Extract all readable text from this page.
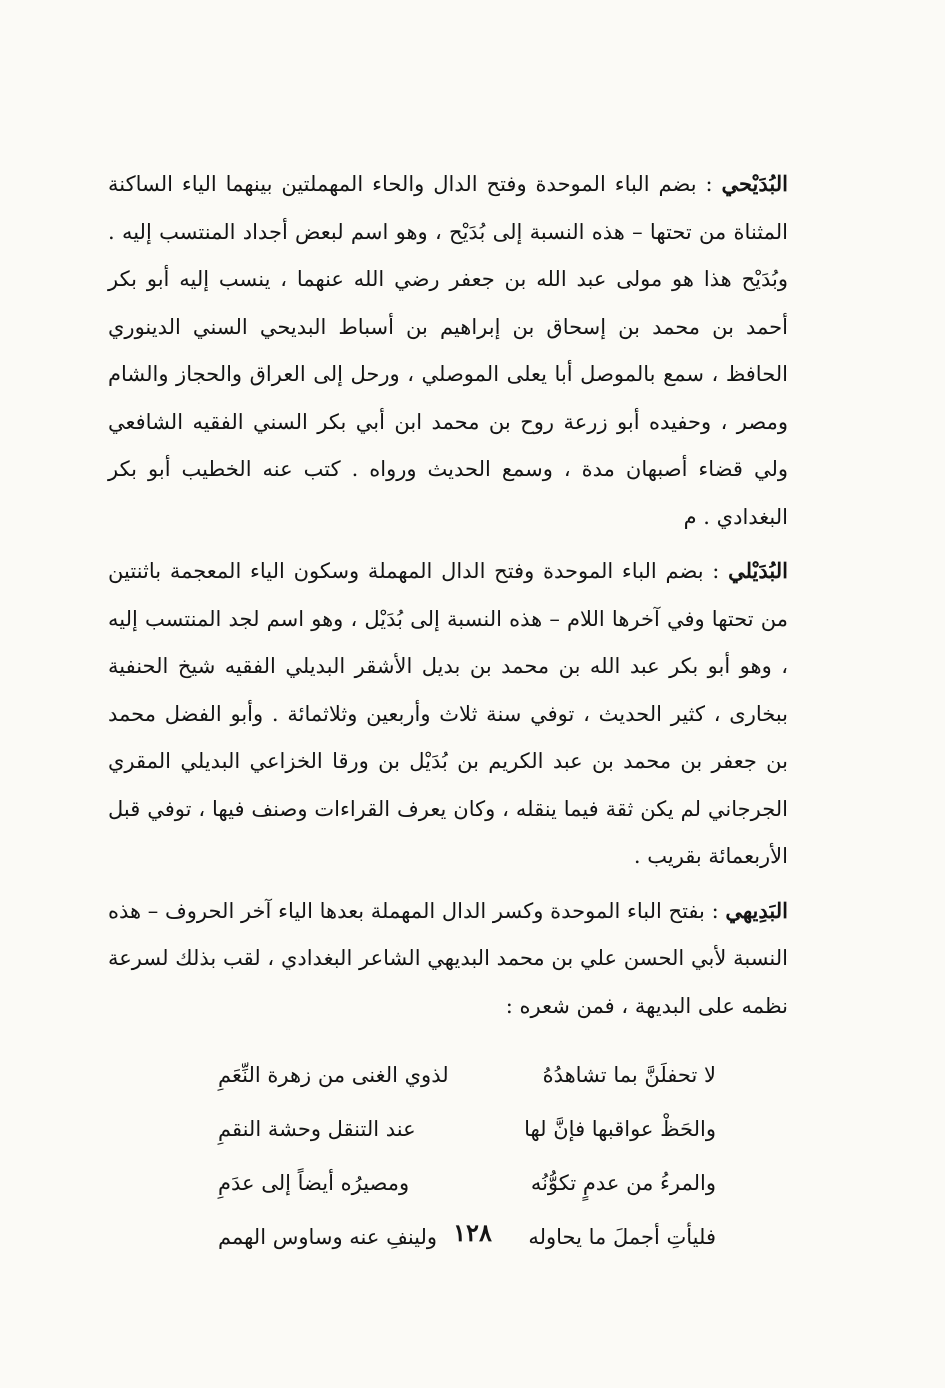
البُدَيْحي : بضم الباء الموحدة وفتح الدال والحاء المهملتين بينهما الياء الساكنة المثناة من تحتها – هذه النسبة إلى بُدَيْح ، وهو اسم لبعض أجداد المنتسب إليه . وبُدَيْح هذا هو مولى عبد الله بن جعفر رضي الله عنهما ، ينسب إليه أبو بكر أحمد بن محمد بن إسحاق بن إبراهيم بن أسباط البديحي السني الدينوري الحافظ ، سمع بالموصل أبا يعلى الموصلي ، ورحل إلى العراق والحجاز والشام ومصر ، وحفيده أبو زرعة روح بن محمد ابن أبي بكر السني الفقيه الشافعي ولي قضاء أصبهان مدة ، وسمع الحديث ورواه . كتب عنه الخطيب أبو بكر البغدادي . م

البُدَيْلي : بضم الباء الموحدة وفتح الدال المهملة وسكون الياء المعجمة باثنتين من تحتها وفي آخرها اللام – هذه النسبة إلى بُدَيْل ، وهو اسم لجد المنتسب إليه ، وهو أبو بكر عبد الله بن محمد بن بديل الأشقر البديلي الفقيه شيخ الحنفية ببخارى ، كثير الحديث ، توفي سنة ثلاث وأربعين وثلاثمائة . وأبو الفضل محمد بن جعفر بن محمد بن عبد الكريم بن بُدَيْل بن ورقا الخزاعي البديلي المقري الجرجاني لم يكن ثقة فيما ينقله ، وكان يعرف القراءات وصنف فيها ، توفي قبل الأربعمائة بقريب .

البَدِيهي : بفتح الباء الموحدة وكسر الدال المهملة بعدها الياء آخر الحروف – هذه النسبة لأبي الحسن علي بن محمد البديهي الشاعر البغدادي ، لقب بذلك لسرعة نظمه على البديهة ، فمن شعره :

لا تحفلَنَّ بما تشاهدُهُ
لذوي الغنى من زهرة النِّعَمِ
والحَظْ عواقبها فإنَّ لها
عند التنقل وحشة النقمِ
والمرءُ من عدمٍ تكوُّنُه
ومصيرُه أيضاً إلى عدَمِ
فليأتِ أجملَ ما يحاوله
ولينفِ عنه وساوس الهمم ١٢٨
